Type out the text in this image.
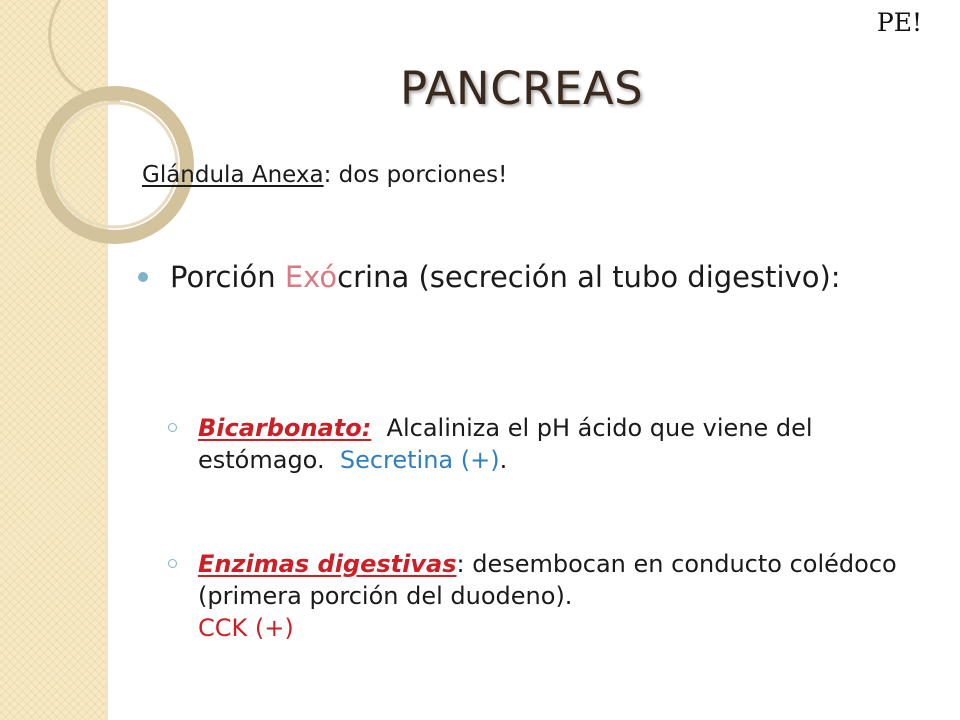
PE!
PANCREAS
Glándula Anexa: dos porciones!
Porción Exócrina (secreción al tubo digestivo):
Bicarbonato:  Alcaliniza el pH ácido que viene del estómago.  Secretina (+).
Enzimas digestivas: desembocan en conducto colédoco (primera porción del duodeno).
CCK (+)
